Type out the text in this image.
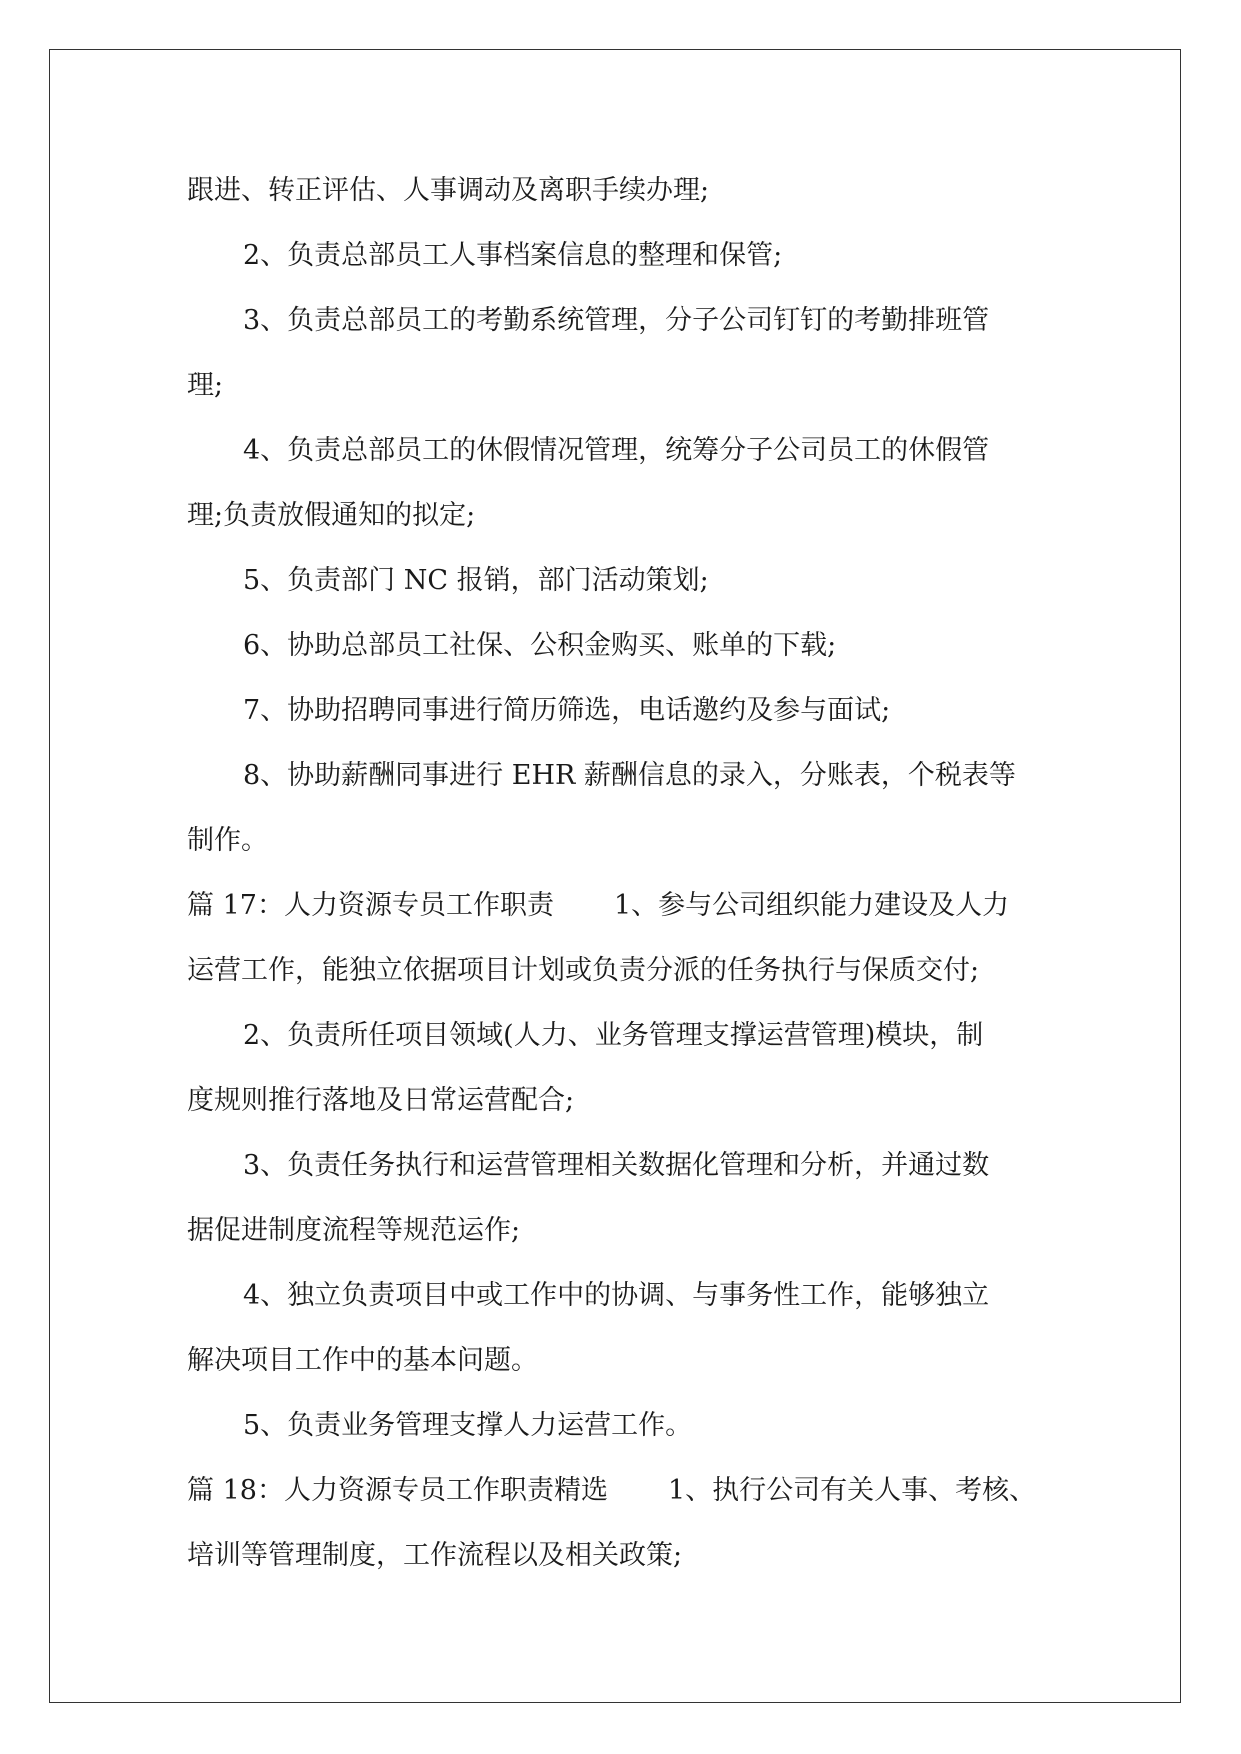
跟进、转正评估、人事调动及离职手续办理;
2、负责总部员工人事档案信息的整理和保管;
3、负责总部员工的考勤系统管理，分子公司钉钉的考勤排班管
理;
4、负责总部员工的休假情况管理，统筹分子公司员工的休假管
理;负责放假通知的拟定;
5、负责部门 NC 报销，部门活动策划;
6、协助总部员工社保、公积金购买、账单的下载;
7、协助招聘同事进行简历筛选，电话邀约及参与面试;
8、协助薪酬同事进行 EHR 薪酬信息的录入，分账表，个税表等
制作。
篇 17：人力资源专员工作职责 1、参与公司组织能力建设及人力
运营工作，能独立依据项目计划或负责分派的任务执行与保质交付;
2、负责所任项目领域(人力、业务管理支撑运营管理)模块，制
度规则推行落地及日常运营配合;
3、负责任务执行和运营管理相关数据化管理和分析，并通过数
据促进制度流程等规范运作;
4、独立负责项目中或工作中的协调、与事务性工作，能够独立
解决项目工作中的基本问题。
5、负责业务管理支撑人力运营工作。
篇 18：人力资源专员工作职责精选 1、执行公司有关人事、考核、
培训等管理制度，工作流程以及相关政策;
